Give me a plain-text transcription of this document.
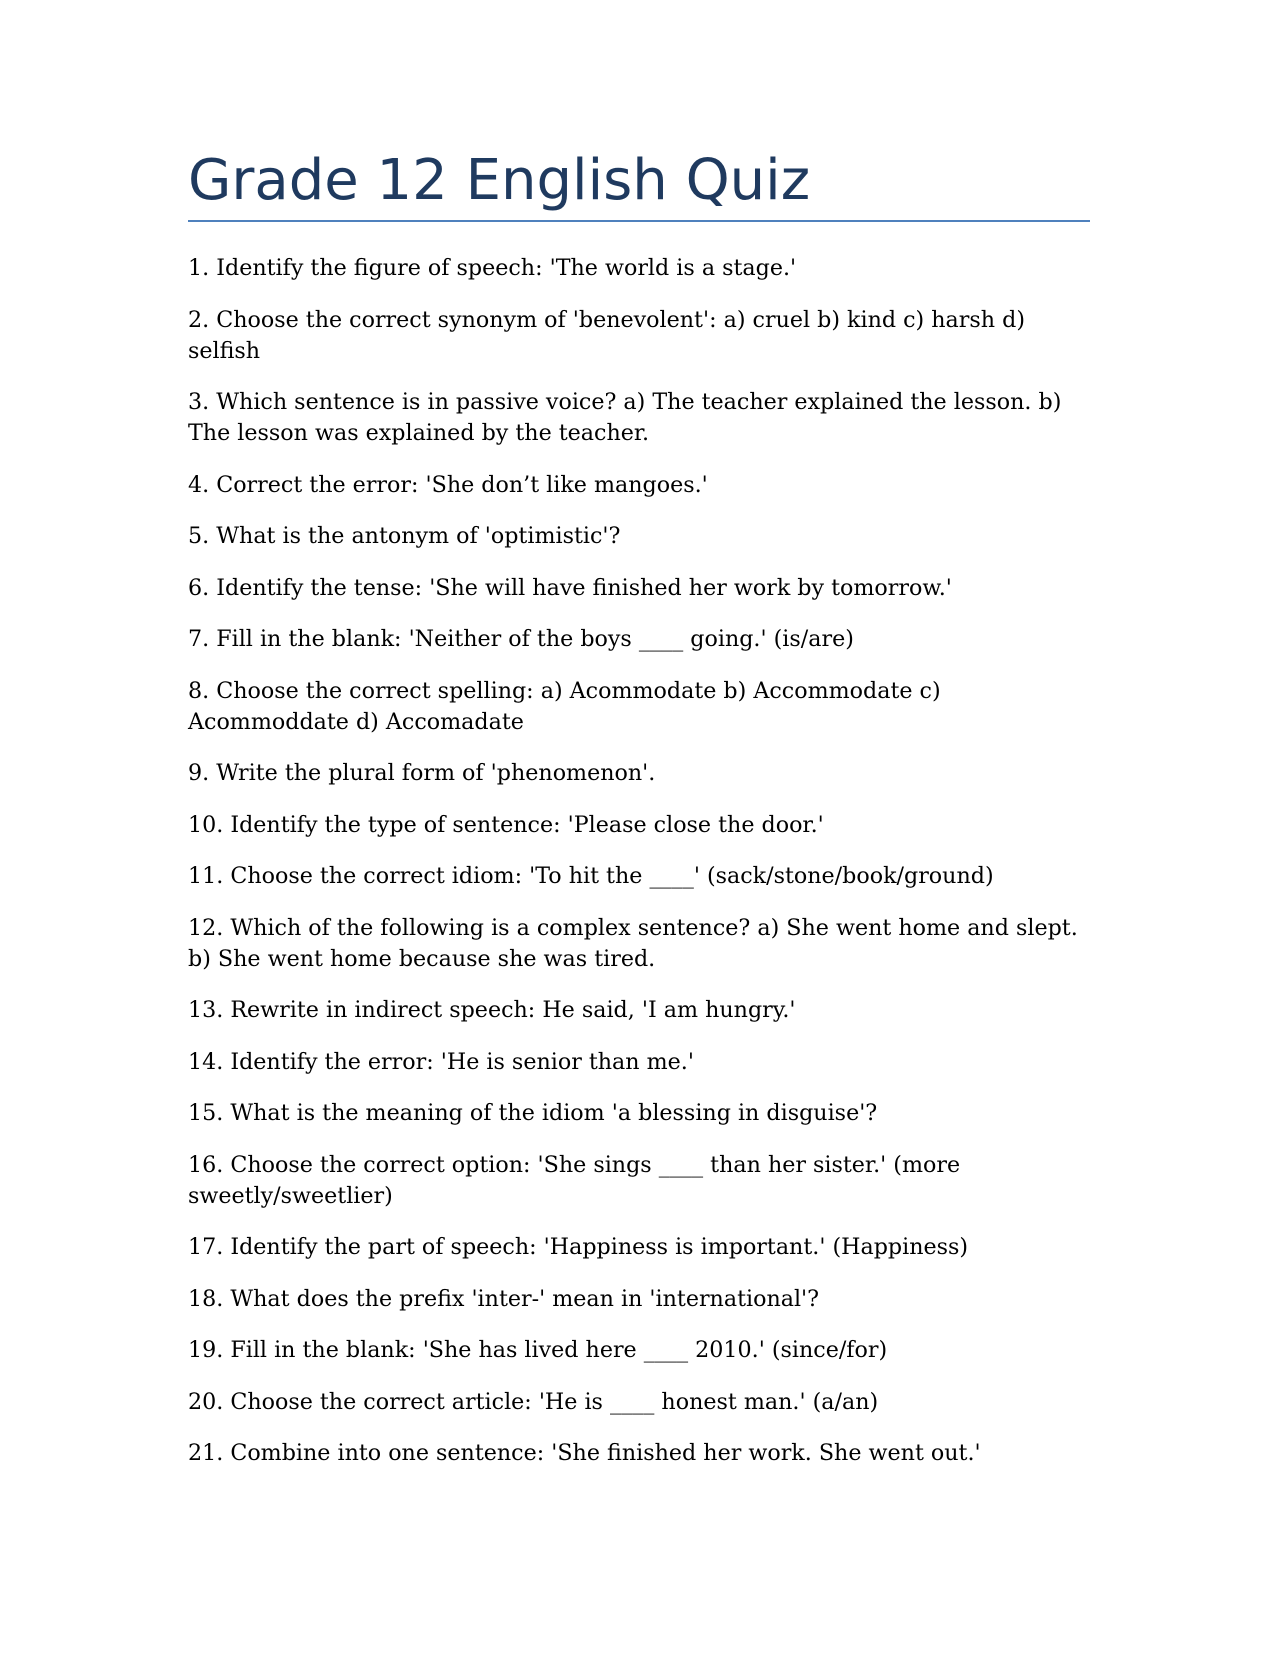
Grade 12 English Quiz
1. Identify the figure of speech: 'The world is a stage.'
2. Choose the correct synonym of 'benevolent': a) cruel b) kind c) harsh d) selfish
3. Which sentence is in passive voice? a) The teacher explained the lesson. b) The lesson was explained by the teacher.
4. Correct the error: 'She don’t like mangoes.'
5. What is the antonym of 'optimistic'?
6. Identify the tense: 'She will have finished her work by tomorrow.'
7. Fill in the blank: 'Neither of the boys ____ going.' (is/are)
8. Choose the correct spelling: a) Acommodate b) Accommodate c) Acommoddate d) Accomadate
9. Write the plural form of 'phenomenon'.
10. Identify the type of sentence: 'Please close the door.'
11. Choose the correct idiom: 'To hit the ____' (sack/stone/book/ground)
12. Which of the following is a complex sentence? a) She went home and slept. b) She went home because she was tired.
13. Rewrite in indirect speech: He said, 'I am hungry.'
14. Identify the error: 'He is senior than me.'
15. What is the meaning of the idiom 'a blessing in disguise'?
16. Choose the correct option: 'She sings ____ than her sister.' (more sweetly/sweetlier)
17. Identify the part of speech: 'Happiness is important.' (Happiness)
18. What does the prefix 'inter-' mean in 'international'?
19. Fill in the blank: 'She has lived here ____ 2010.' (since/for)
20. Choose the correct article: 'He is ____ honest man.' (a/an)
21. Combine into one sentence: 'She finished her work. She went out.'
